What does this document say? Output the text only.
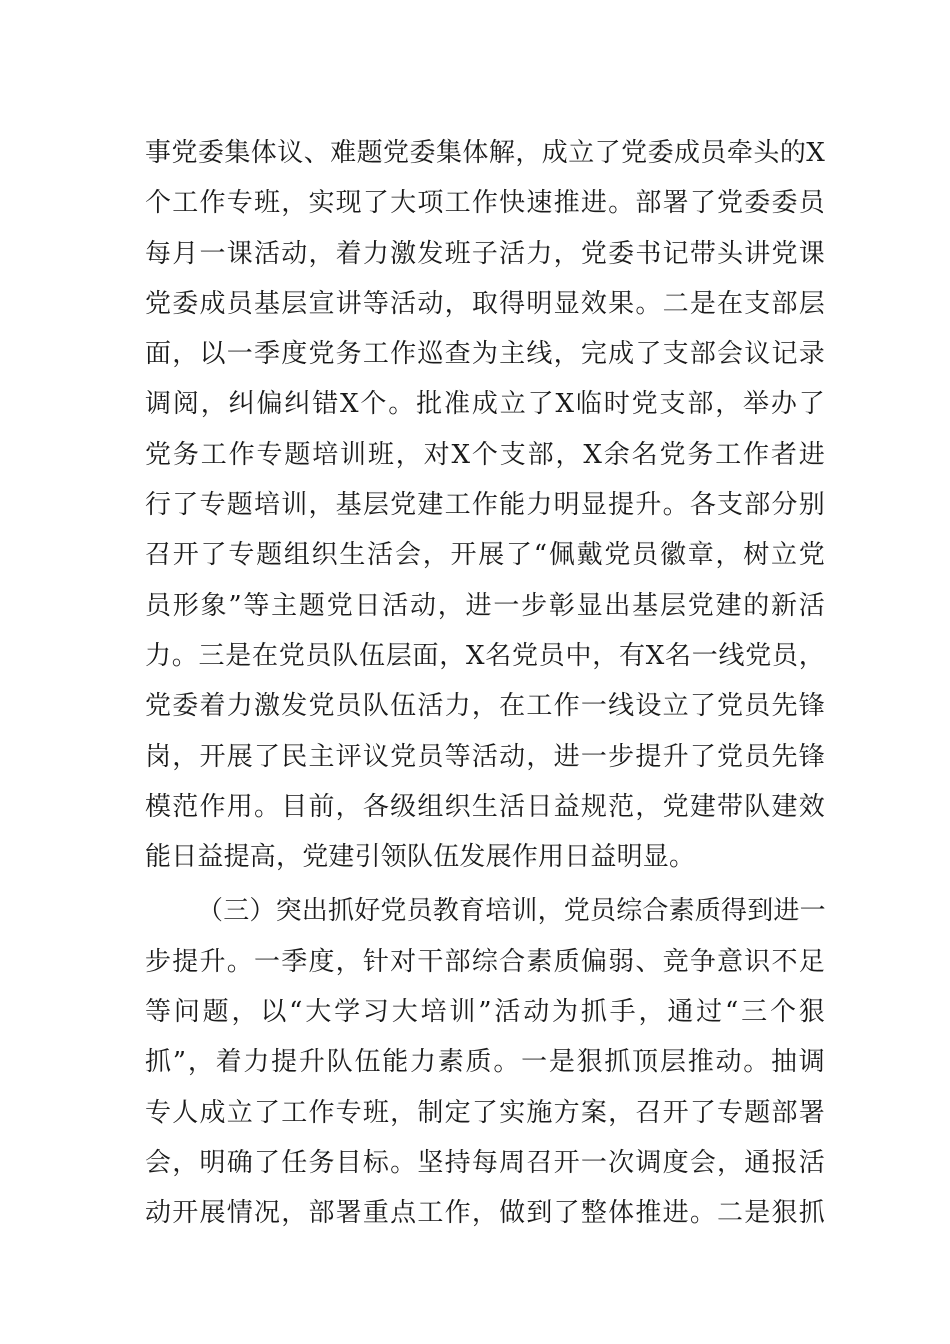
事党委集体议、难题党委集体解，成立了党委成员牵头的X
个工作专班，实现了大项工作快速推进。部署了党委委员
每月一课活动，着力激发班子活力，党委书记带头讲党课
党委成员基层宣讲等活动，取得明显效果。二是在支部层
面，以一季度党务工作巡查为主线，完成了支部会议记录
调阅，纠偏纠错X个。批准成立了X临时党支部，举办了
党务工作专题培训班，对X个支部，X余名党务工作者进
行了专题培训，基层党建工作能力明显提升。各支部分别
召开了专题组织生活会，开展了“佩戴党员徽章，树立党
员形象”等主题党日活动，进一步彰显出基层党建的新活
力。三是在党员队伍层面，X名党员中，有X名一线党员，
党委着力激发党员队伍活力，在工作一线设立了党员先锋
岗，开展了民主评议党员等活动，进一步提升了党员先锋
模范作用。目前，各级组织生活日益规范，党建带队建效
能日益提高，党建引领队伍发展作用日益明显。
（三）突出抓好党员教育培训，党员综合素质得到进一
步提升。一季度，针对干部综合素质偏弱、竞争意识不足
等问题，以“大学习大培训”活动为抓手，通过“三个狠
抓”，着力提升队伍能力素质。一是狠抓顶层推动。抽调
专人成立了工作专班，制定了实施方案，召开了专题部署
会，明确了任务目标。坚持每周召开一次调度会，通报活
动开展情况，部署重点工作，做到了整体推进。二是狠抓
